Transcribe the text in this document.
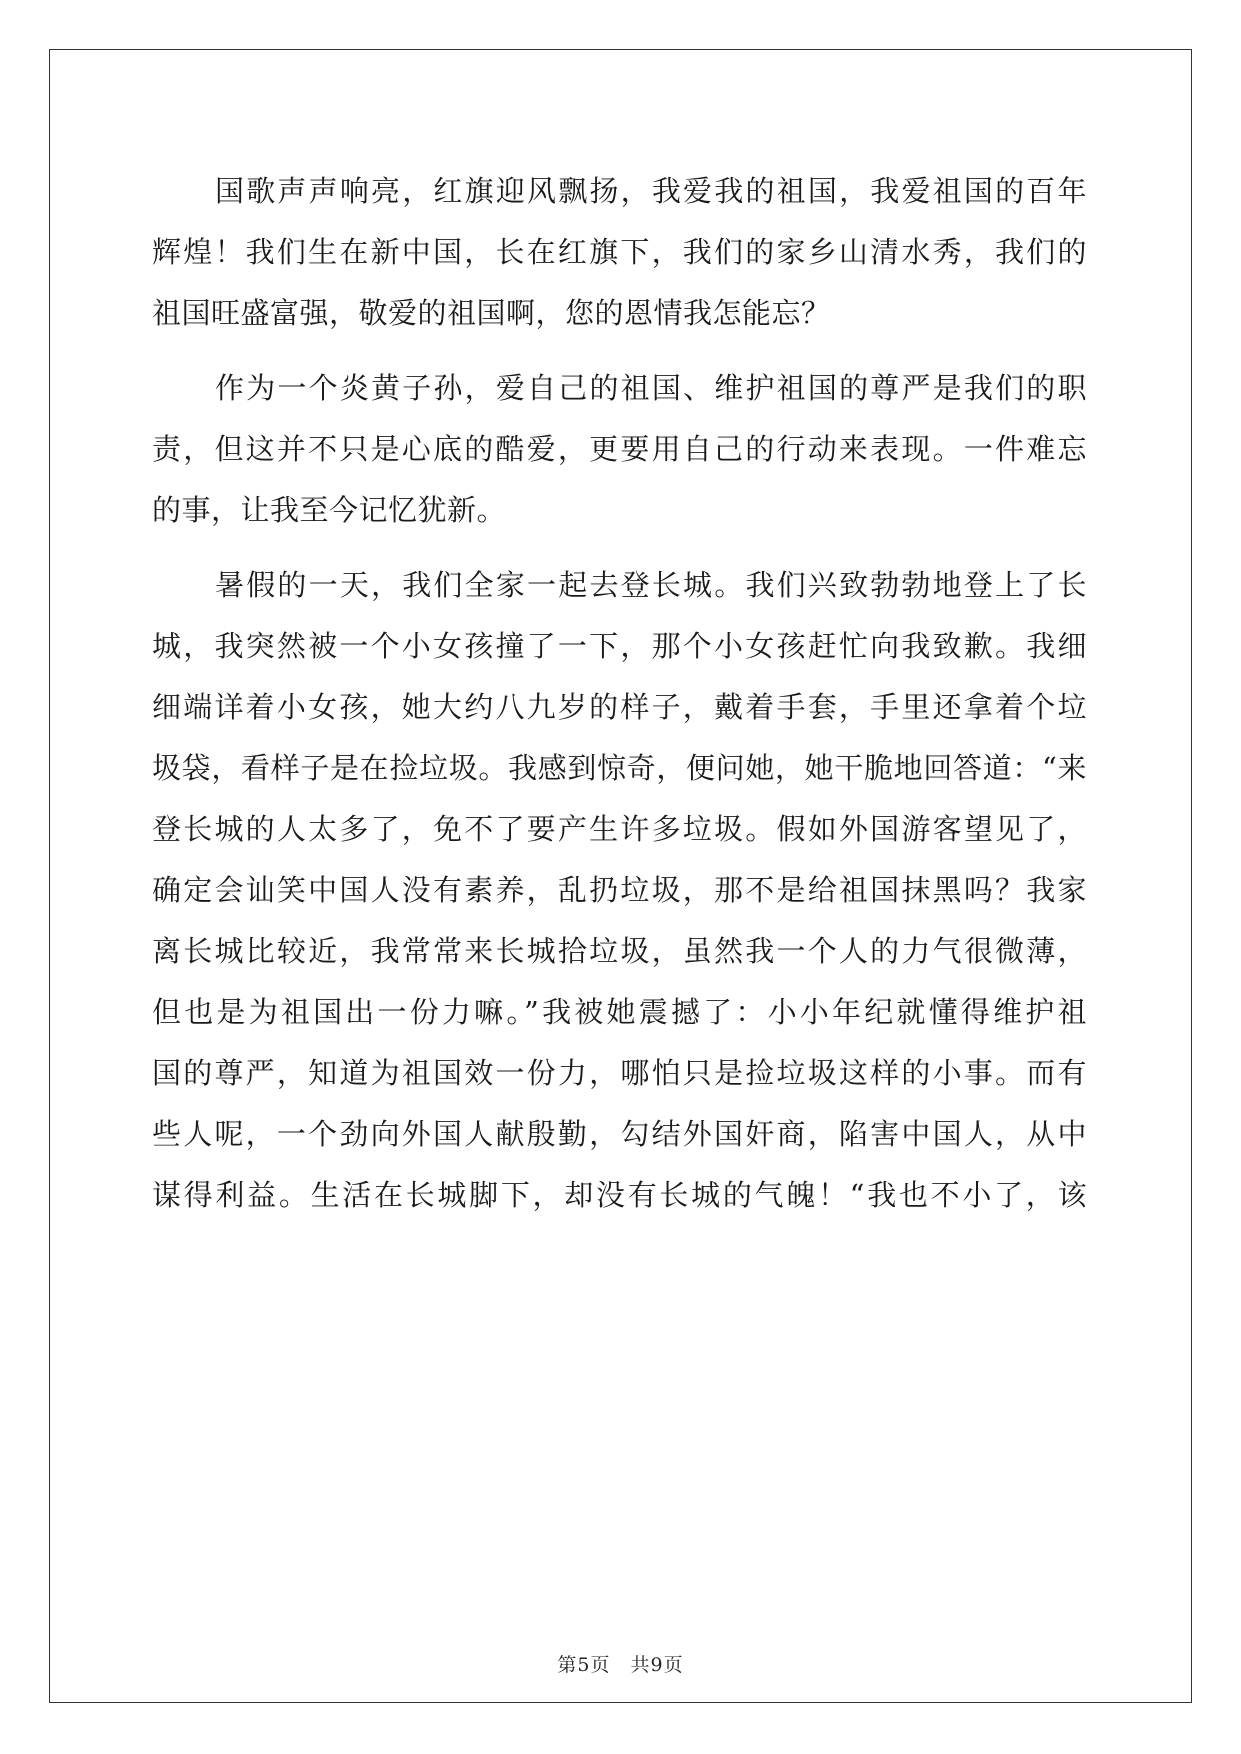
国歌声声响亮，红旗迎风飘扬，我爱我的祖国，我爱祖国的百年
辉煌！我们生在新中国，长在红旗下，我们的家乡山清水秀，我们的
祖国旺盛富强，敬爱的祖国啊，您的恩情我怎能忘？
作为一个炎黄子孙，爱自己的祖国、维护祖国的尊严是我们的职
责，但这并不只是心底的酷爱，更要用自己的行动来表现。一件难忘
的事，让我至今记忆犹新。
暑假的一天，我们全家一起去登长城。我们兴致勃勃地登上了长
城，我突然被一个小女孩撞了一下，那个小女孩赶忙向我致歉。我细
细端详着小女孩，她大约八九岁的样子，戴着手套，手里还拿着个垃
圾袋，看样子是在捡垃圾。我感到惊奇，便问她，她干脆地回答道：“来
登长城的人太多了，免不了要产生许多垃圾。假如外国游客望见了，
确定会讪笑中国人没有素养，乱扔垃圾，那不是给祖国抹黑吗？我家
离长城比较近，我常常来长城拾垃圾，虽然我一个人的力气很微薄，
但也是为祖国出一份力嘛。”我被她震撼了：小小年纪就懂得维护祖
国的尊严，知道为祖国效一份力，哪怕只是捡垃圾这样的小事。而有
些人呢，一个劲向外国人献殷勤，勾结外国奸商，陷害中国人，从中
谋得利益。生活在长城脚下，却没有长城的气魄！“我也不小了，该
第5页　共9页
